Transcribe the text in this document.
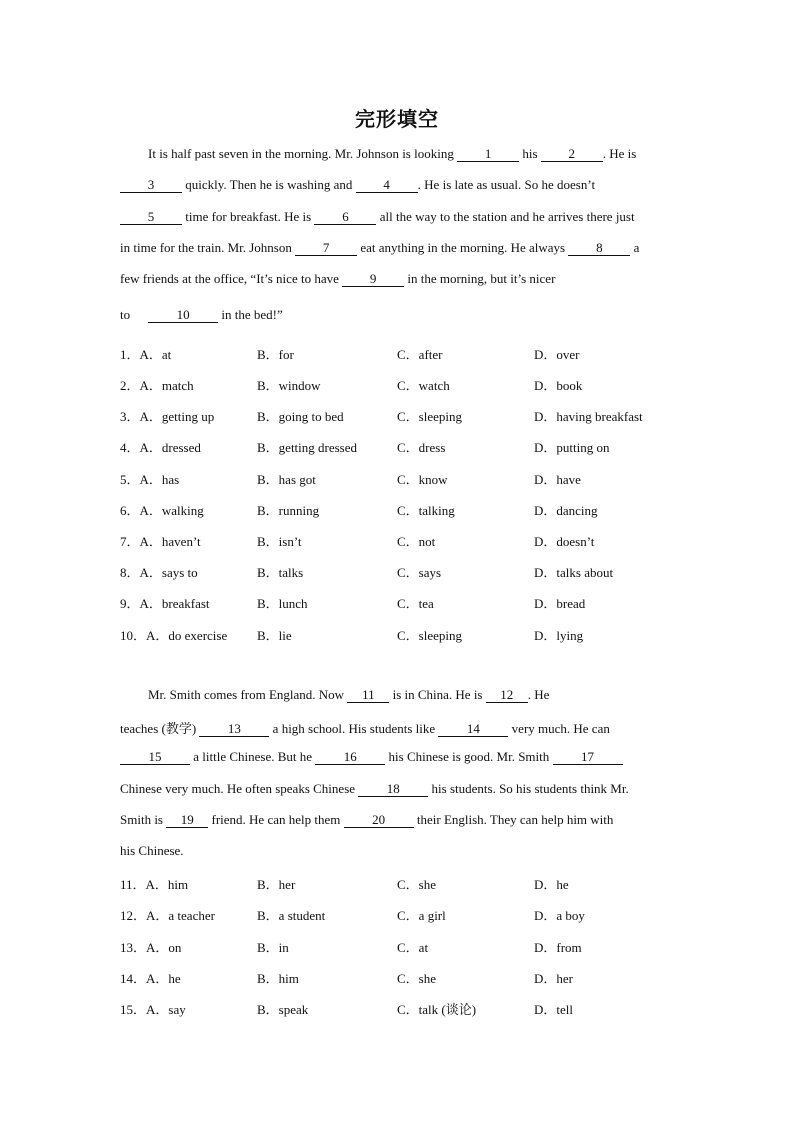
完形填空
It is half past seven in the morning. Mr. Johnson is looking 1 his 2 . He is
3 quickly. Then he is washing and 4 . He is late as usual. So he doesn’t
5 time for breakfast. He is 6 all the way to the station and he arrives there just
in time for the train. Mr. Johnson 7 eat anything in the morning. He always 8 a
few friends at the office, “It’s nice to have 9 in the morning, but it’s nicer
to	10 in the bed!”
1．A．at	B．for	C．after	D．over
2．A．match	B．window	C．watch	D．book
3．A．getting up	B．going to bed	C．sleeping	D．having breakfast
4．A．dressed	B．getting dressed	C．dress	D．putting on
5．A．has	B．has got	C．know	D．have
6．A．walking	B．running	C．talking	D．dancing
7．A．haven’t	B．isn’t	C．not	D．doesn’t
8．A．says to	B．talks	C．says	D．talks about
9．A．breakfast	B．lunch	C．tea	D．bread
10．A．do exercise B．lie	C．sleeping	D．lying
Mr. Smith comes from England. Now 11 is in China. He is 12 . He
teaches (教学) 13 a high school. His students like 14 very much. He can
15 a little Chinese. But he 16 his Chinese is good. Mr. Smith 17
Chinese very much. He often speaks Chinese 18 his students. So his students think Mr.
Smith is 19 friend. He can help them 20 their English. They can help him with
his Chinese.
11．A．him	B．her	C．she	D．he
12．A．a teacher	B．a student	C．a girl	D．a boy
13．A．on	B．in	C．at	D．from
14．A．he	B．him	C．she	D．her
15．A．say	B．speak	C．talk (谈论)	D．tell
